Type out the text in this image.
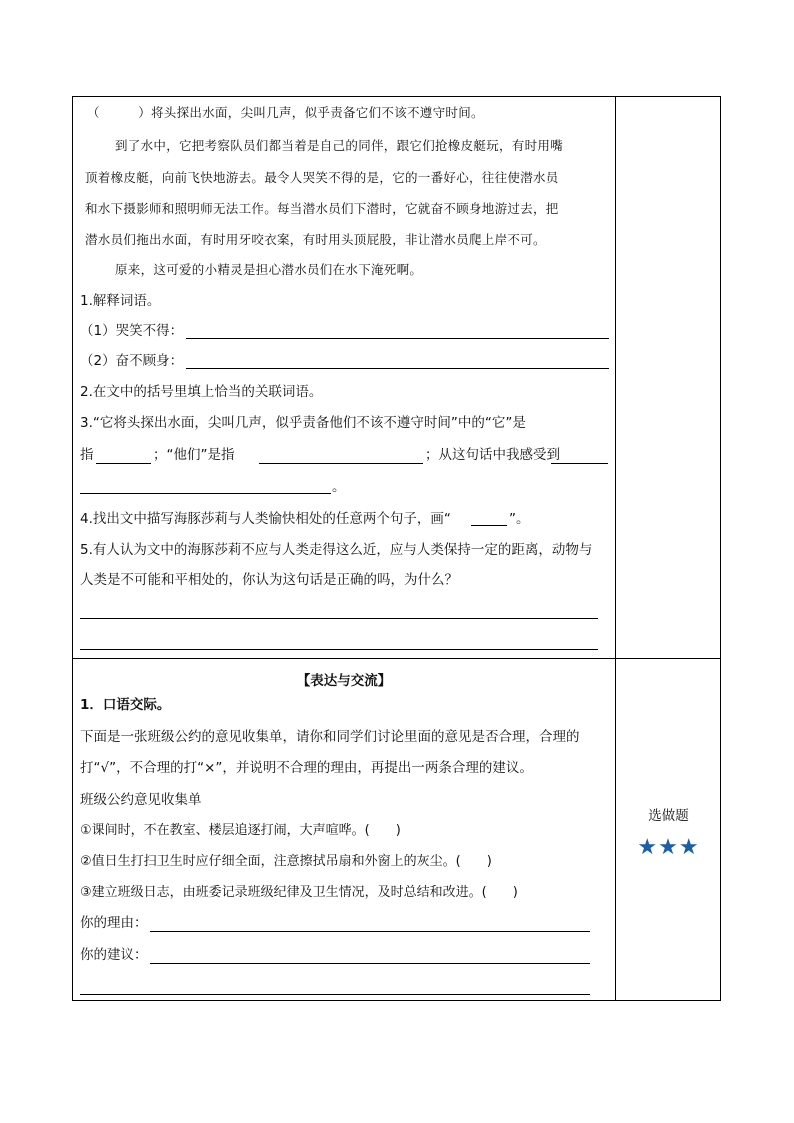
（　　　）将头探出水面，尖叫几声，似乎责备它们不该不遵守时间。
到了水中，它把考察队员们都当着是自己的同伴，跟它们抢橡皮艇玩，有时用嘴
顶着橡皮艇，向前飞快地游去。最令人哭笑不得的是，它的一番好心，往往使潜水员
和水下摄影师和照明师无法工作。每当潜水员们下潜时，它就奋不顾身地游过去，把
潜水员们拖出水面，有时用牙咬衣案，有时用头顶屁股，非让潜水员爬上岸不可。
原来，这可爱的小精灵是担心潜水员们在水下淹死啊。
1.解释词语。
（1）哭笑不得：
（2）奋不顾身：
2.在文中的括号里填上恰当的关联词语。
3.“它将头探出水面，尖叫几声，似乎责备他们不该不遵守时间”中的“它”是
指	；“他们”是指	；从这句话中我感受到
。
4.找出文中描写海豚莎莉与人类愉快相处的任意两个句子，画“	”。
5.有人认为文中的海豚莎莉不应与人类走得这么近，应与人类保持一定的距离，动物与
人类是不可能和平相处的，你认为这句话是正确的吗，为什么？
【表达与交流】
1．口语交际。
下面是一张班级公约的意见收集单，请你和同学们讨论里面的意见是否合理，合理的
打“√”，不合理的打“×”，并说明不合理的理由，再提出一两条合理的建议。
班级公约意见收集单
①课间时，不在教室、楼层追逐打闹，大声喧哗。(　　)
②值日生打扫卫生时应仔细全面，注意擦拭吊扇和外窗上的灰尘。(　　)
③建立班级日志，由班委记录班级纪律及卫生情况，及时总结和改进。(　　)
你的理由：
你的建议：
选做题
★★★
